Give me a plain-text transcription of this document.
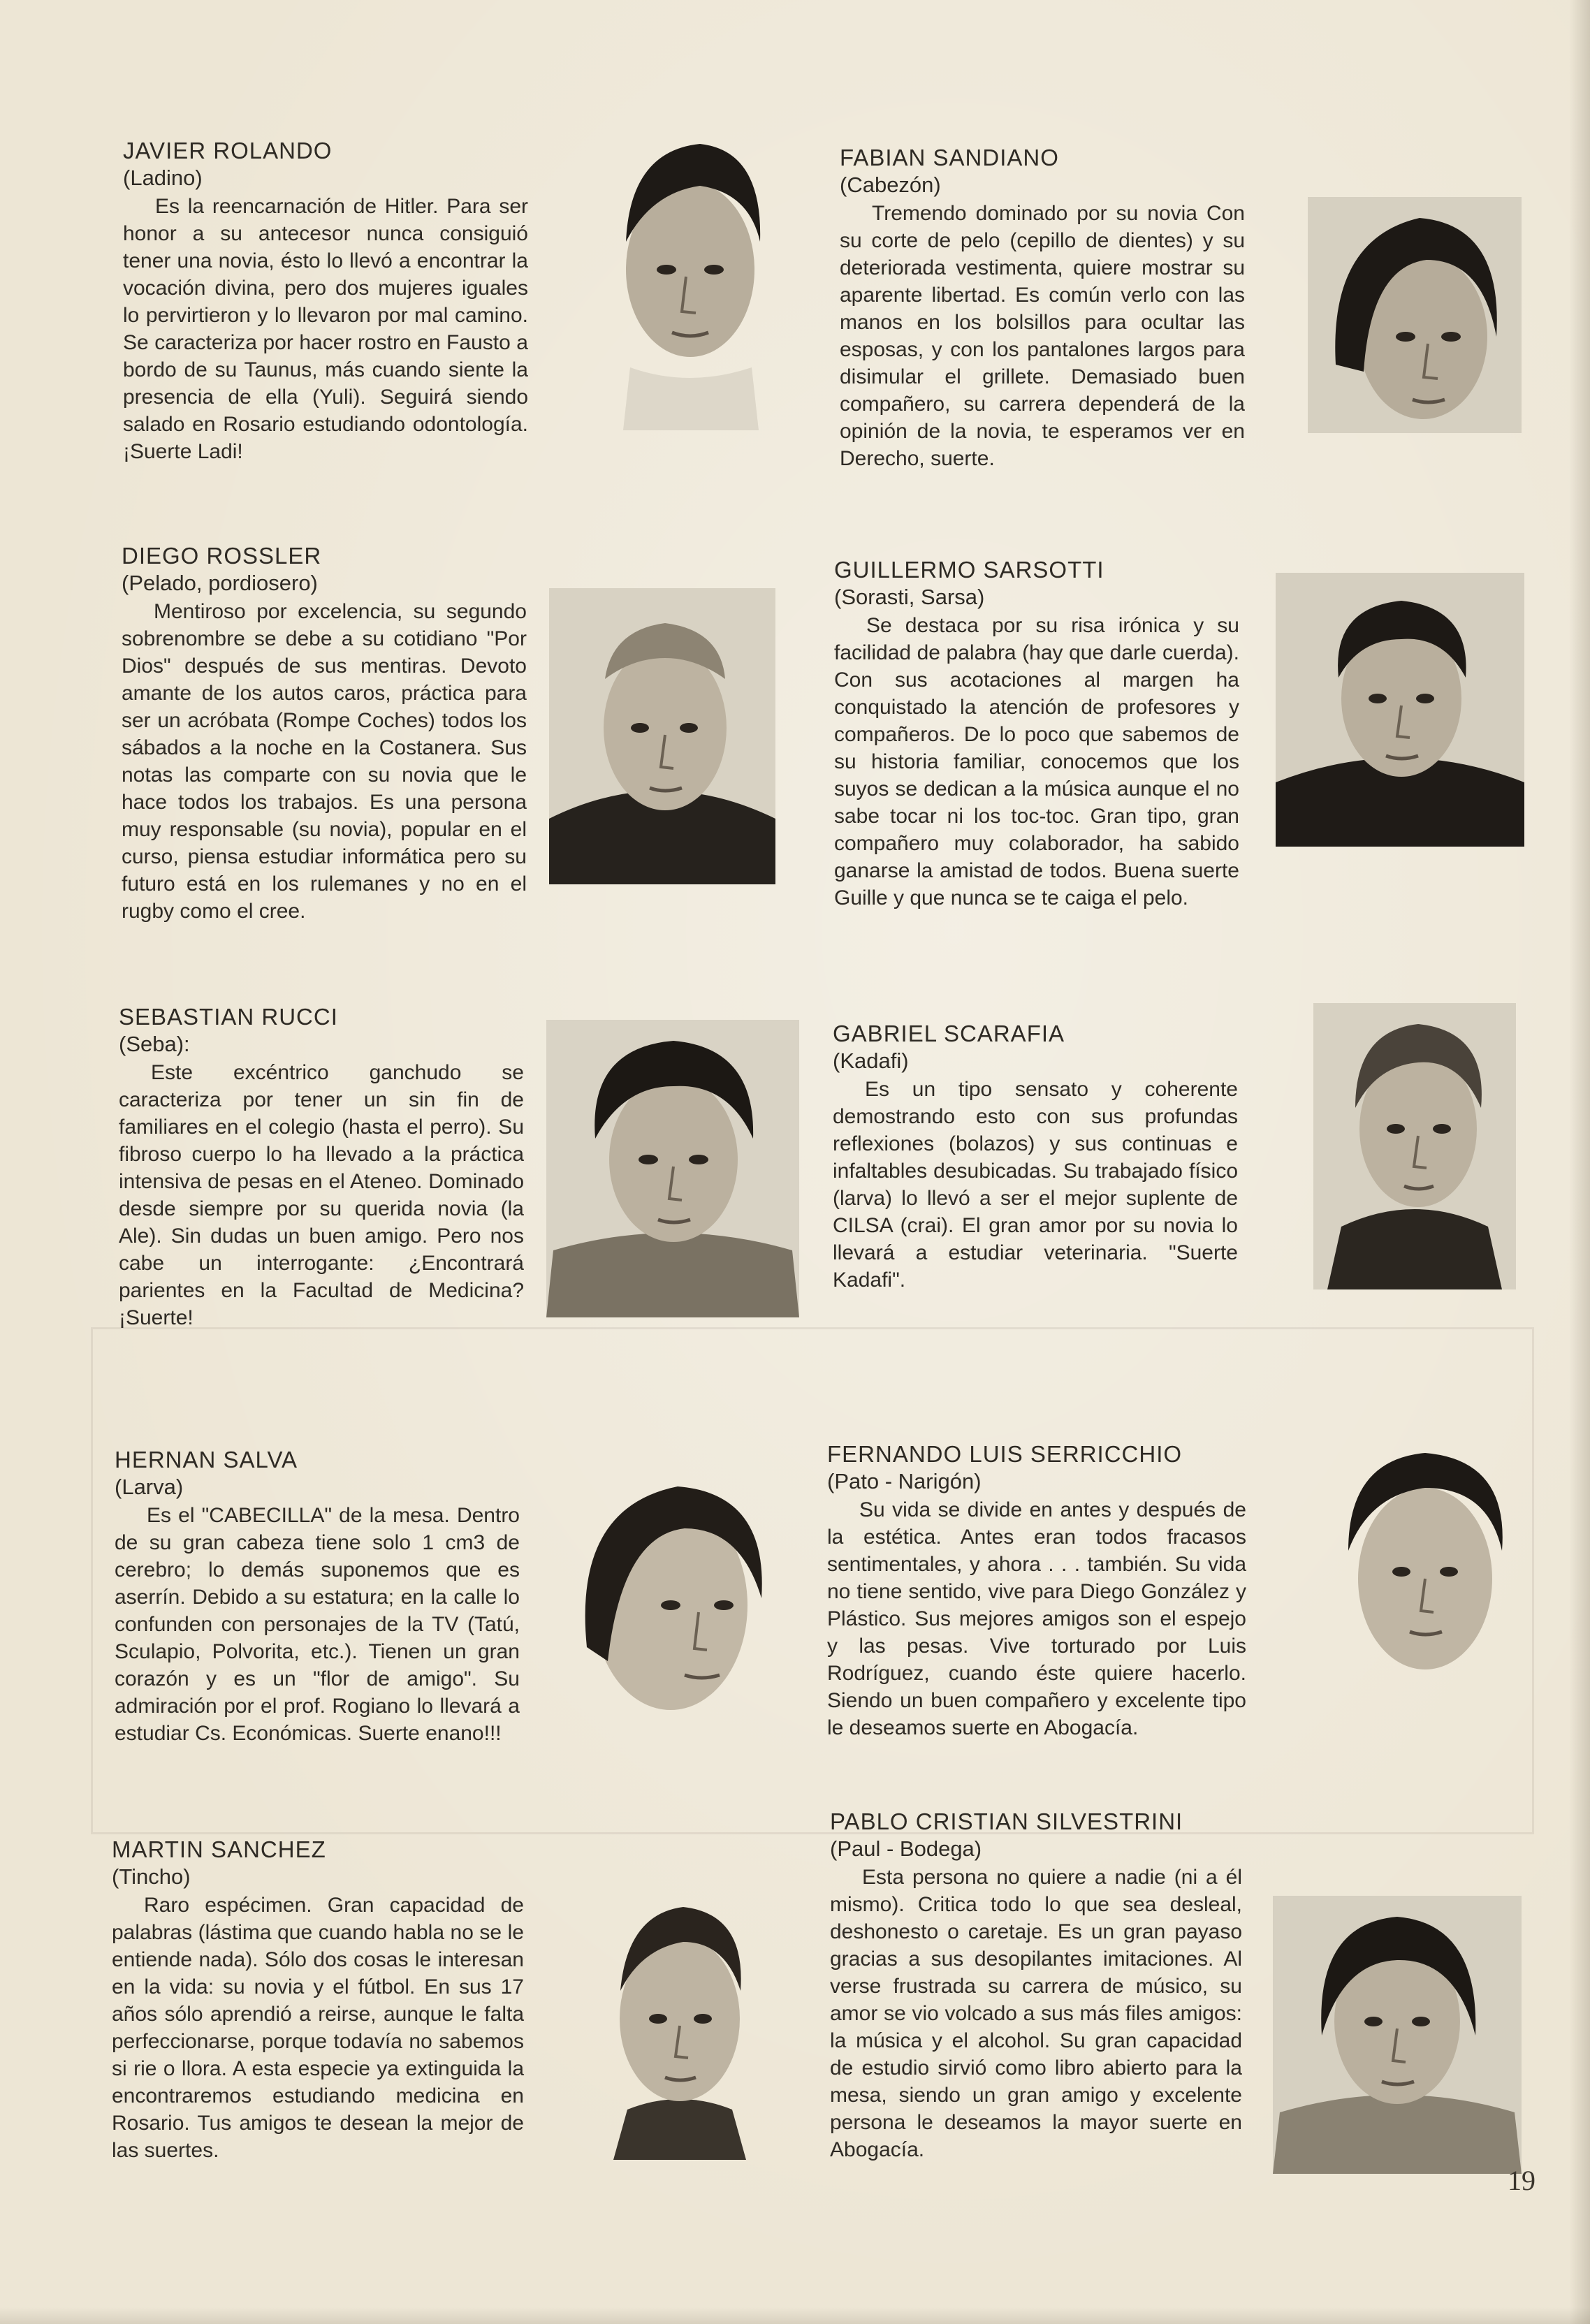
JAVIER ROLANDO

(Ladino)

Es la reencarnación de Hitler. Para ser honor a su antecesor nunca consiguió tener una novia, ésto lo llevó a encontrar la vocación divina, pero dos mujeres iguales lo pervirtieron y lo llevaron por mal camino. Se caracteriza por hacer rostro en Fausto a bordo de su Taunus, más cuando siente la presencia de ella (Yuli). Seguirá siendo salado en Rosario estudiando odontología. ¡Suerte Ladi!

FABIAN SANDIANO

(Cabezón)

Tremendo dominado por su novia Con su corte de pelo (cepillo de dientes) y su deteriorada vestimenta, quiere mostrar su aparente libertad. Es común verlo con las manos en los bolsillos para ocultar las esposas, y con los pantalones largos para disimular el grillete. Demasiado buen compañero, su carrera dependerá de la opinión de la novia, te esperamos ver en Derecho, suerte.

DIEGO ROSSLER

(Pelado, pordiosero)

Mentiroso por excelencia, su segundo sobrenombre se debe a su cotidiano "Por Dios" después de sus mentiras. Devoto amante de los autos caros, práctica para ser un acróbata (Rompe Coches) todos los sábados a la noche en la Costanera. Sus notas las comparte con su novia que le hace todos los trabajos. Es una persona muy responsable (su novia), popular en el curso, piensa estudiar informática pero su futuro está en los rulemanes y no en el rugby como el cree.

GUILLERMO SARSOTTI

(Sorasti, Sarsa)

Se destaca por su risa irónica y su facilidad de palabra (hay que darle cuerda). Con sus acotaciones al margen ha conquistado la atención de profesores y compañeros. De lo poco que sabemos de su historia familiar, conocemos que los suyos se dedican a la música aunque el no sabe tocar ni los toc-toc. Gran tipo, gran compañero muy colaborador, ha sabido ganarse la amistad de todos. Buena suerte Guille y que nunca se te caiga el pelo.

SEBASTIAN RUCCI

(Seba):

Este excéntrico ganchudo se caracteriza por tener un sin fin de familiares en el colegio (hasta el perro). Su fibroso cuerpo lo ha llevado a la práctica intensiva de pesas en el Ateneo. Dominado desde siempre por su querida novia (la Ale). Sin dudas un buen amigo. Pero nos cabe un interrogante: ¿Encontrará parientes en la Facultad de Medicina? ¡Suerte!

GABRIEL SCARAFIA

(Kadafi)

Es un tipo sensato y coherente demostrando esto con sus profundas reflexiones (bolazos) y sus continuas e infaltables desubicadas. Su trabajado físico (larva) lo llevó a ser el mejor suplente de CILSA (crai). El gran amor por su novia lo llevará a estudiar veterinaria. "Suerte Kadafi".

HERNAN SALVA

(Larva)

Es el "CABECILLA" de la mesa. Dentro de su gran cabeza tiene solo 1 cm3 de cerebro; lo demás suponemos que es aserrín. Debido a su estatura; en la calle lo confunden con personajes de la TV (Tatú, Sculapio, Polvorita, etc.). Tienen un gran corazón y es un "flor de amigo". Su admiración por el prof. Rogiano lo llevará a estudiar Cs. Económicas. Suerte enano!!!

FERNANDO LUIS SERRICCHIO

(Pato - Narigón)

Su vida se divide en antes y después de la estética. Antes eran todos fracasos sentimentales, y ahora . . . también. Su vida no tiene sentido, vive para Diego González y Plástico. Sus mejores amigos son el espejo y las pesas. Vive torturado por Luis Rodríguez, cuando éste quiere hacerlo. Siendo un buen compañero y excelente tipo le deseamos suerte en Abogacía.

MARTIN SANCHEZ

(Tincho)

Raro espécimen. Gran capacidad de palabras (lástima que cuando habla no se le entiende nada). Sólo dos cosas le interesan en la vida: su novia y el fútbol. En sus 17 años sólo aprendió a reirse, aunque le falta perfeccionarse, porque todavía no sabemos si rie o llora. A esta especie ya extinguida la encontraremos estudiando medicina en Rosario. Tus amigos te desean la mejor de las suertes.

PABLO CRISTIAN SILVESTRINI

(Paul - Bodega)

Esta persona no quiere a nadie (ni a él mismo). Critica todo lo que sea desleal, deshonesto o caretaje. Es un gran payaso gracias a sus desopilantes imitaciones. Al verse frustrada su carrera de músico, su amor se vio volcado a sus más files amigos: la música y el alcohol. Su gran capacidad de estudio sirvió como libro abierto para la mesa, siendo un gran amigo y excelente persona le deseamos la mayor suerte en Abogacía.

19
